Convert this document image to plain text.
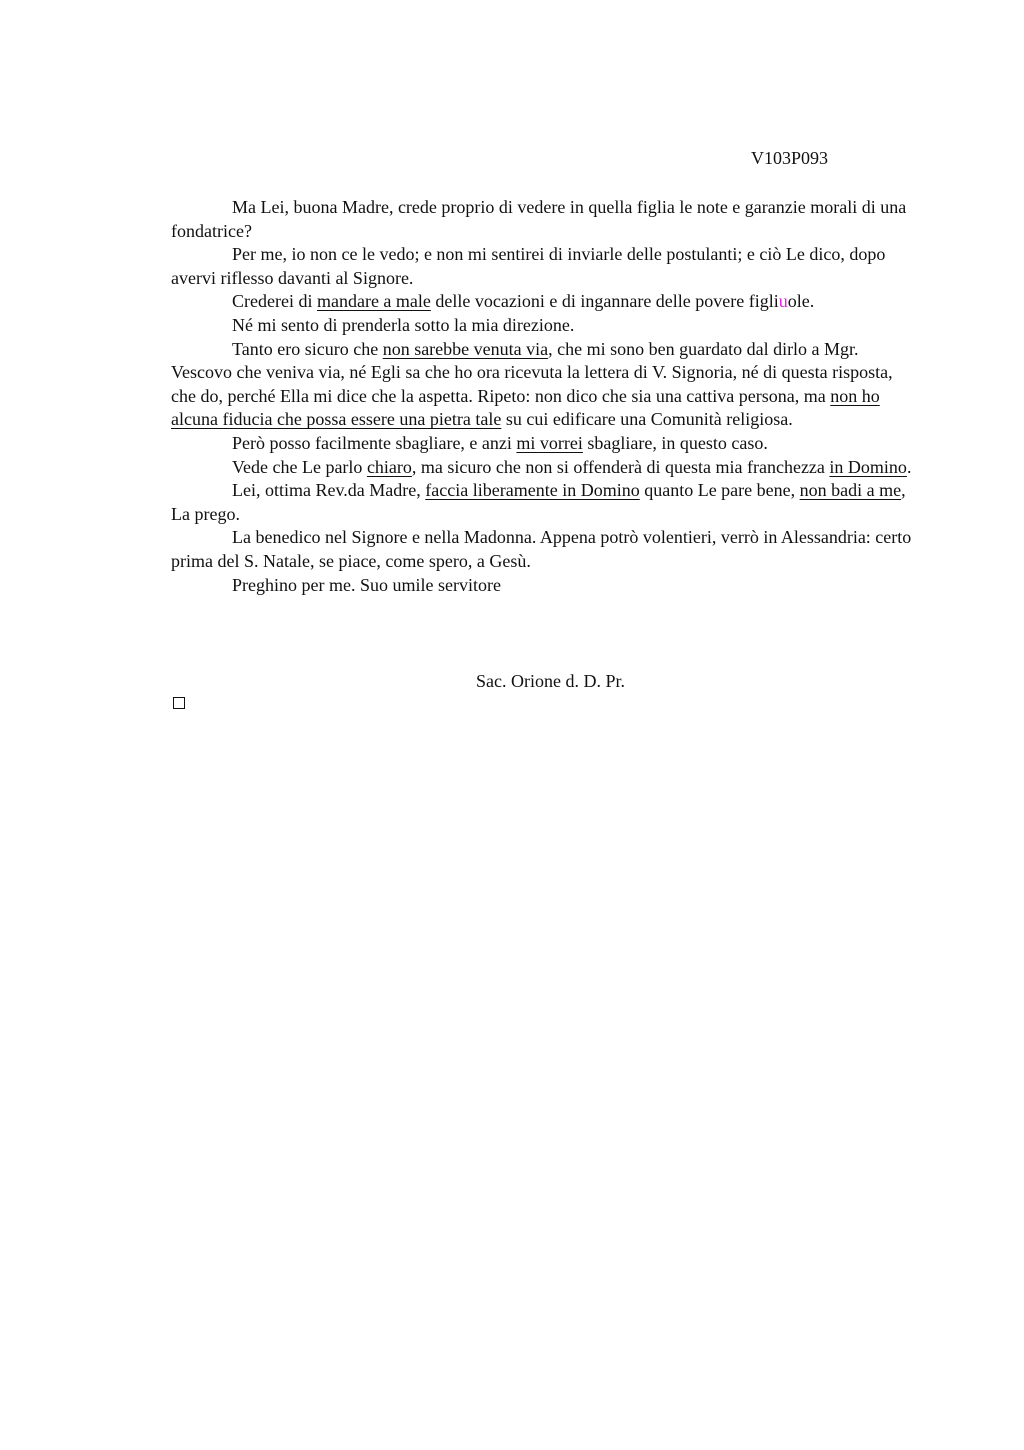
V103P093

Ma Lei, buona Madre, crede proprio di vedere in quella figlia le note e garanzie morali di una fondatrice?

Per me, io non ce le vedo; e non mi sentirei di inviarle delle postulanti; e ciò Le dico, dopo avervi riflesso davanti al Signore.

Crederei di mandare a male delle vocazioni e di ingannare delle povere figliuole.

Né mi sento di prenderla sotto la mia direzione.

Tanto ero sicuro che non sarebbe venuta via, che mi sono ben guardato dal dirlo a Mgr. Vescovo che veniva via, né Egli sa che ho ora ricevuta la lettera di V. Signoria, né di questa risposta, che do, perché Ella mi dice che la aspetta. Ripeto: non dico che sia una cattiva persona, ma non ho alcuna fiducia che possa essere una pietra tale su cui edificare una Comunità religiosa.

Però posso facilmente sbagliare, e anzi mi vorrei sbagliare, in questo caso.

Vede che Le parlo chiaro, ma sicuro che non si offenderà di questa mia franchezza in Domino.

Lei, ottima Rev.da Madre, faccia liberamente in Domino quanto Le pare bene, non badi a me, La prego.

La benedico nel Signore e nella Madonna. Appena potrò volentieri, verrò in Alessandria: certo prima del S. Natale, se piace, come spero, a Gesù.

Preghino per me. Suo umile servitore

Sac. Orione d. D. Pr.
